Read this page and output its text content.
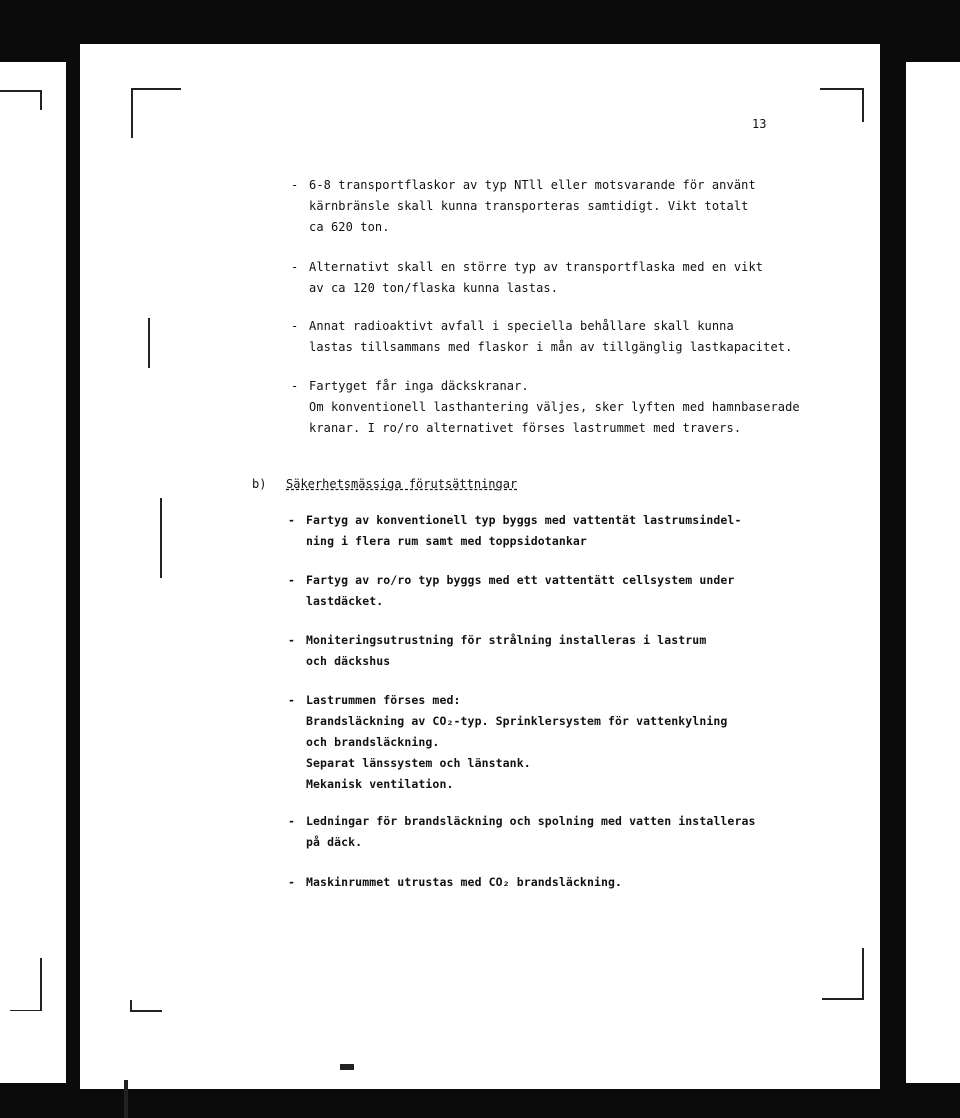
13
- 6-8 transportflaskor av typ NTll eller motsvarande för använt
kärnbränsle skall kunna transporteras samtidigt. Vikt totalt
ca 620 ton.
- Alternativt skall en större typ av transportflaska med en vikt
av ca 120 ton/flaska kunna lastas.
- Annat radioaktivt avfall i speciella behållare skall kunna
lastas tillsammans med flaskor i mån av tillgänglig lastkapacitet.
- Fartyget får inga däckskranar.
Om konventionell lasthantering väljes, sker lyften med hamnbaserade
kranar. I ro/ro alternativet förses lastrummet med travers.
b) Säkerhetsmässiga förutsättningar
- Fartyg av konventionell typ byggs med vattentät lastrumsindel-
ning i flera rum samt med toppsidotankar
- Fartyg av ro/ro typ byggs med ett vattentätt cellsystem under
lastdäcket.
- Moniteringsutrustning för strålning installeras i lastrum
och däckshus
- Lastrummen förses med:
Brandsläckning av CO₂-typ. Sprinklersystem för vattenkylning
och brandsläckning.
Separat länssystem och länstank.
Mekanisk ventilation.
- Ledningar för brandsläckning och spolning med vatten installeras
på däck.
- Maskinrummet utrustas med CO₂ brandsläckning.
